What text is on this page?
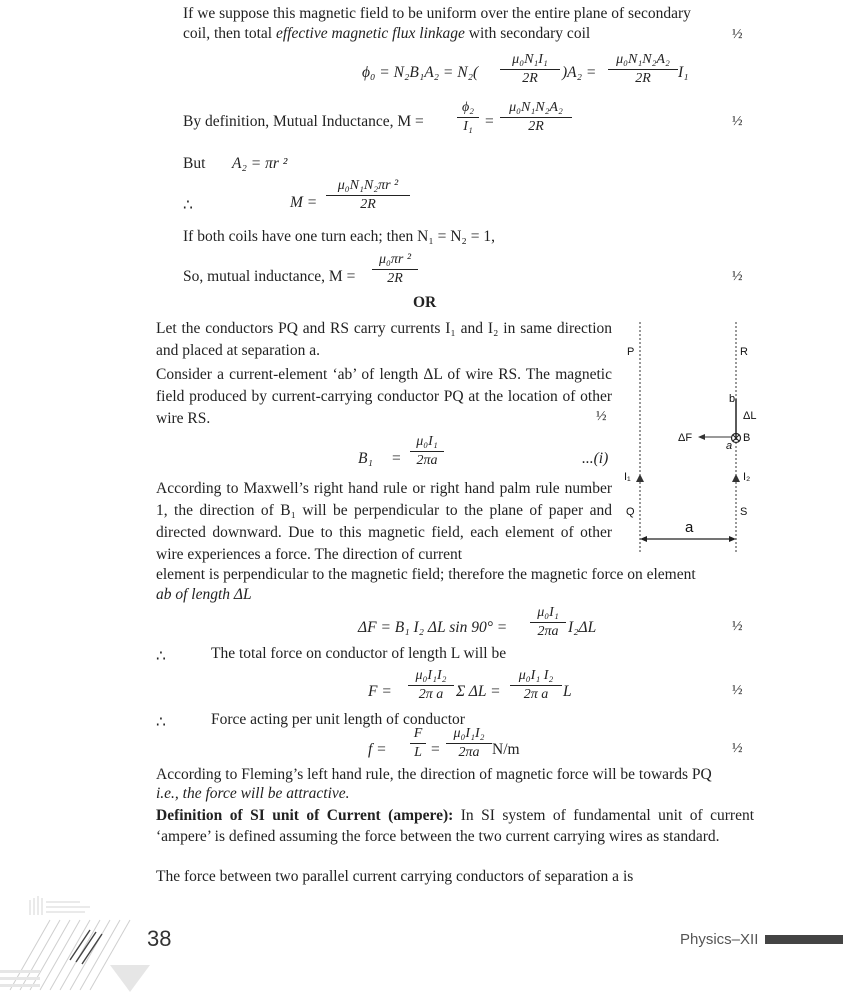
If we suppose this magnetic field to be uniform over the entire plane of secondary
coil, then total effective magnetic flux linkage with secondary coil	½
ϕ₀ = N₂B₁A₂ = N₂(
μ₀N₁I₁
2R	)A₂ =
μ₀N₁N₂A₂
2R	I₁
By definition, Mutual Inductance, M =
ϕ₂
I₁ =
μ₀N₁N₂A₂
2R	½
But A₂ = πr ²
∴	M =
μ₀N₁N₂πr ²
2R
If both coils have one turn each; then N₁ = N₂ = 1,
So, mutual inductance, M =
μ₀πr ²
2R	½
OR
Let the conductors PQ and RS carry currents I₁ and I₂ in same direction and placed at separation a.
Consider a current-element ‘ab’ of length ΔL of wire RS. The magnetic field produced by current-carrying conductor PQ at the location of other wire RS.	½
B₁ =
μ₀I₁
2πa	...(i)
According to Maxwell’s right hand rule or right hand palm rule number 1, the direction of B₁ will be perpendicular to the plane of paper and directed downward. Due to this magnetic field, each element of other wire experiences a force. The direction of current
element is perpendicular to the magnetic field; therefore the magnetic force on element
ab of length ΔL
ΔF = B₁ I₂ ΔL sin 90° =
μ₀I₁
2πa I₂ΔL	½
∴	The total force on conductor of length L will be
F =
μ₀I₁I₂
2π a Σ ΔL =
μ₀I₁ I₂
2π a L	½
∴	Force acting per unit length of conductor
f =
F
L =
μ₀I₁I₂
2πa N/m	½
According to Fleming’s left hand rule, the direction of magnetic force will be towards PQ
i.e., the force will be attractive.
Definition of SI unit of Current (ampere): In SI system of fundamental unit of current ‘ampere’ is defined assuming the force between the two current carrying wires as standard.
The force between two parallel current carrying conductors of separation a is
P	R
Q	S
I₁	I₂
b
a
ΔL
ΔF	B
a
38	Physics–XII
